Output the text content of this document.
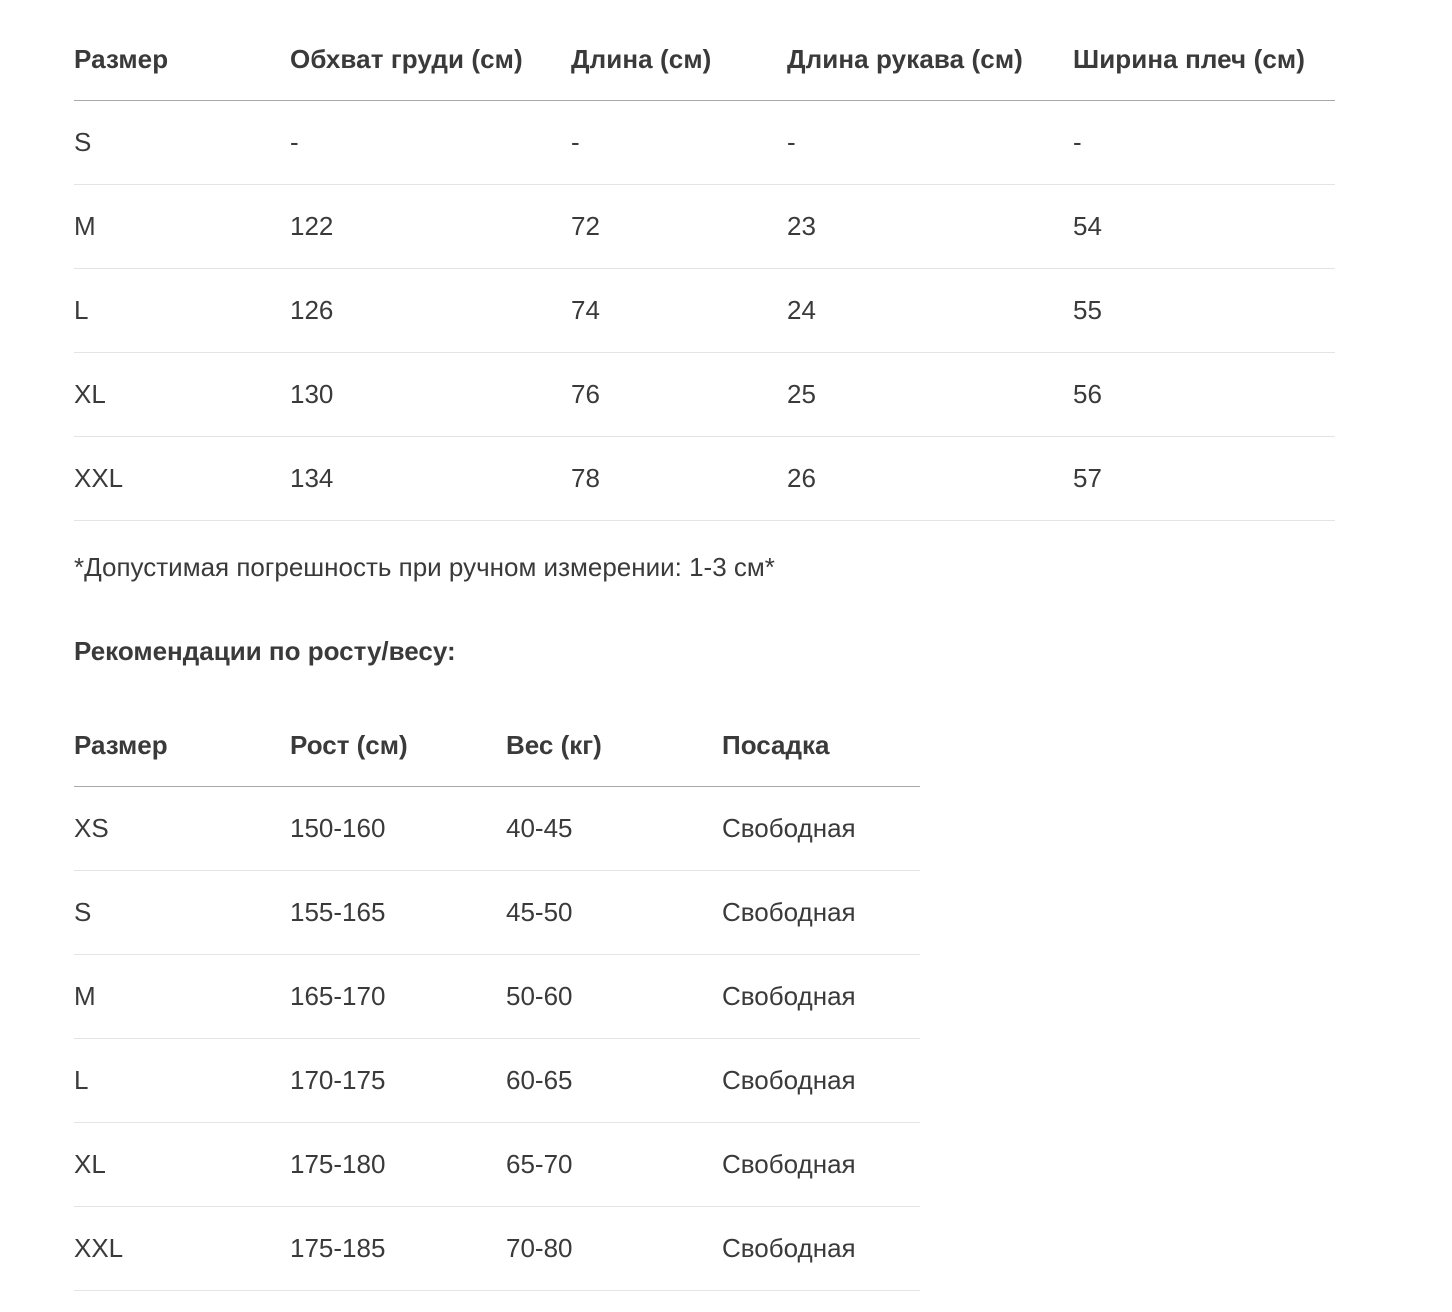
Размер	Обхват груди (см)	Длина (см)	Длина рукава (см)	Ширина плеч (см)
S	-	-	-	-
M	122	72	23	54
L	126	74	24	55
XL	130	76	25	56
XXL	134	78	26	57

*Допустимая погрешность при ручном измерении: 1-3 см*

Рекомендации по росту/весу:

Размер	Рост (см)	Вес (кг)	Посадка
XS	150-160	40-45	Свободная
S	155-165	45-50	Свободная
M	165-170	50-60	Свободная
L	170-175	60-65	Свободная
XL	175-180	65-70	Свободная
XXL	175-185	70-80	Свободная
